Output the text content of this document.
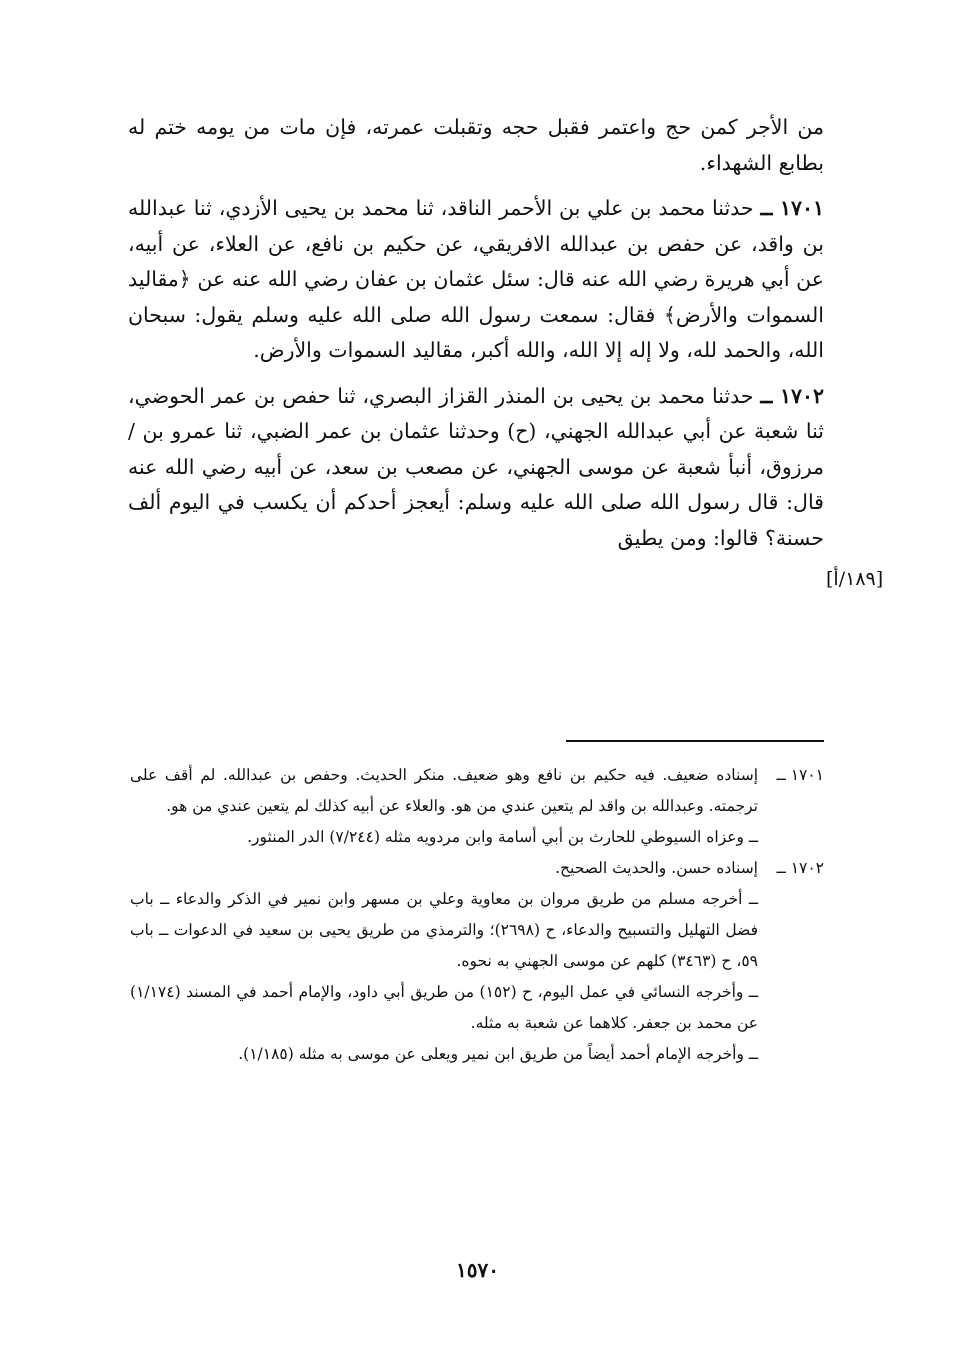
من الأجر كمن حج واعتمر فقبل حجه وتقبلت عمرته، فإن مات من يومه ختم له بطابع الشهداء.

١٧٠١ ــ حدثنا محمد بن علي بن الأحمر الناقد، ثنا محمد بن يحيى الأزدي، ثنا عبدالله بن واقد، عن حفص بن عبدالله الافريقي، عن حكيم بن نافع، عن العلاء، عن أبيه، عن أبي هريرة رضي الله عنه قال: سئل عثمان بن عفان رضي الله عنه عن ﴿مقاليد السموات والأرض﴾ فقال: سمعت رسول الله صلى الله عليه وسلم يقول: سبحان الله، والحمد لله، ولا إله إلا الله، والله أكبر، مقاليد السموات والأرض.

١٧٠٢ ــ حدثنا محمد بن يحيى بن المنذر القزاز البصري، ثنا حفص بن عمر الحوضي، ثنا شعبة عن أبي عبدالله الجهني، (ح) وحدثنا عثمان بن عمر الضبي، ثنا عمرو بن / مرزوق، أنبأ شعبة عن موسى الجهني، عن مصعب بن سعد، عن أبيه رضي الله عنه قال: قال رسول الله صلى الله عليه وسلم: أيعجز أحدكم أن يكسب في اليوم ألف حسنة؟ قالوا: ومن يطيق

[١٨٩/أ]
١٧٠١ ــ
إسناده ضعيف. فيه حكيم بن نافع وهو ضعيف. منكر الحديث. وحفص بن عبدالله. لم أقف على ترجمته. وعبدالله بن واقد لم يتعين عندي من هو. والعلاء عن أبيه كذلك لم يتعين عندي من هو.
ــ وعزاه السيوطي للحارث بن أبي أسامة وابن مردويه مثله (٧/٢٤٤) الدر المنثور.
١٧٠٢ ــ
إسناده حسن. والحديث الصحيح.
ــ أخرجه مسلم من طريق مروان بن معاوية وعلي بن مسهر وابن نمير في الذكر والدعاء ــ باب فضل التهليل والتسبيح والدعاء، ح (٢٦٩٨)؛ والترمذي من طريق يحيى بن سعيد في الدعوات ــ باب ٥٩، ح (٣٤٦٣) كلهم عن موسى الجهني به نحوه.
ــ وأخرجه النسائي في عمل اليوم، ح (١٥٢) من طريق أبي داود، والإمام أحمد في المسند (١/١٧٤) عن محمد بن جعفر. كلاهما عن شعبة به مثله.
ــ وأخرجه الإمام أحمد أيضاً من طريق ابن نمير ويعلى عن موسى به مثله (١/١٨٥).
١٥٧٠
